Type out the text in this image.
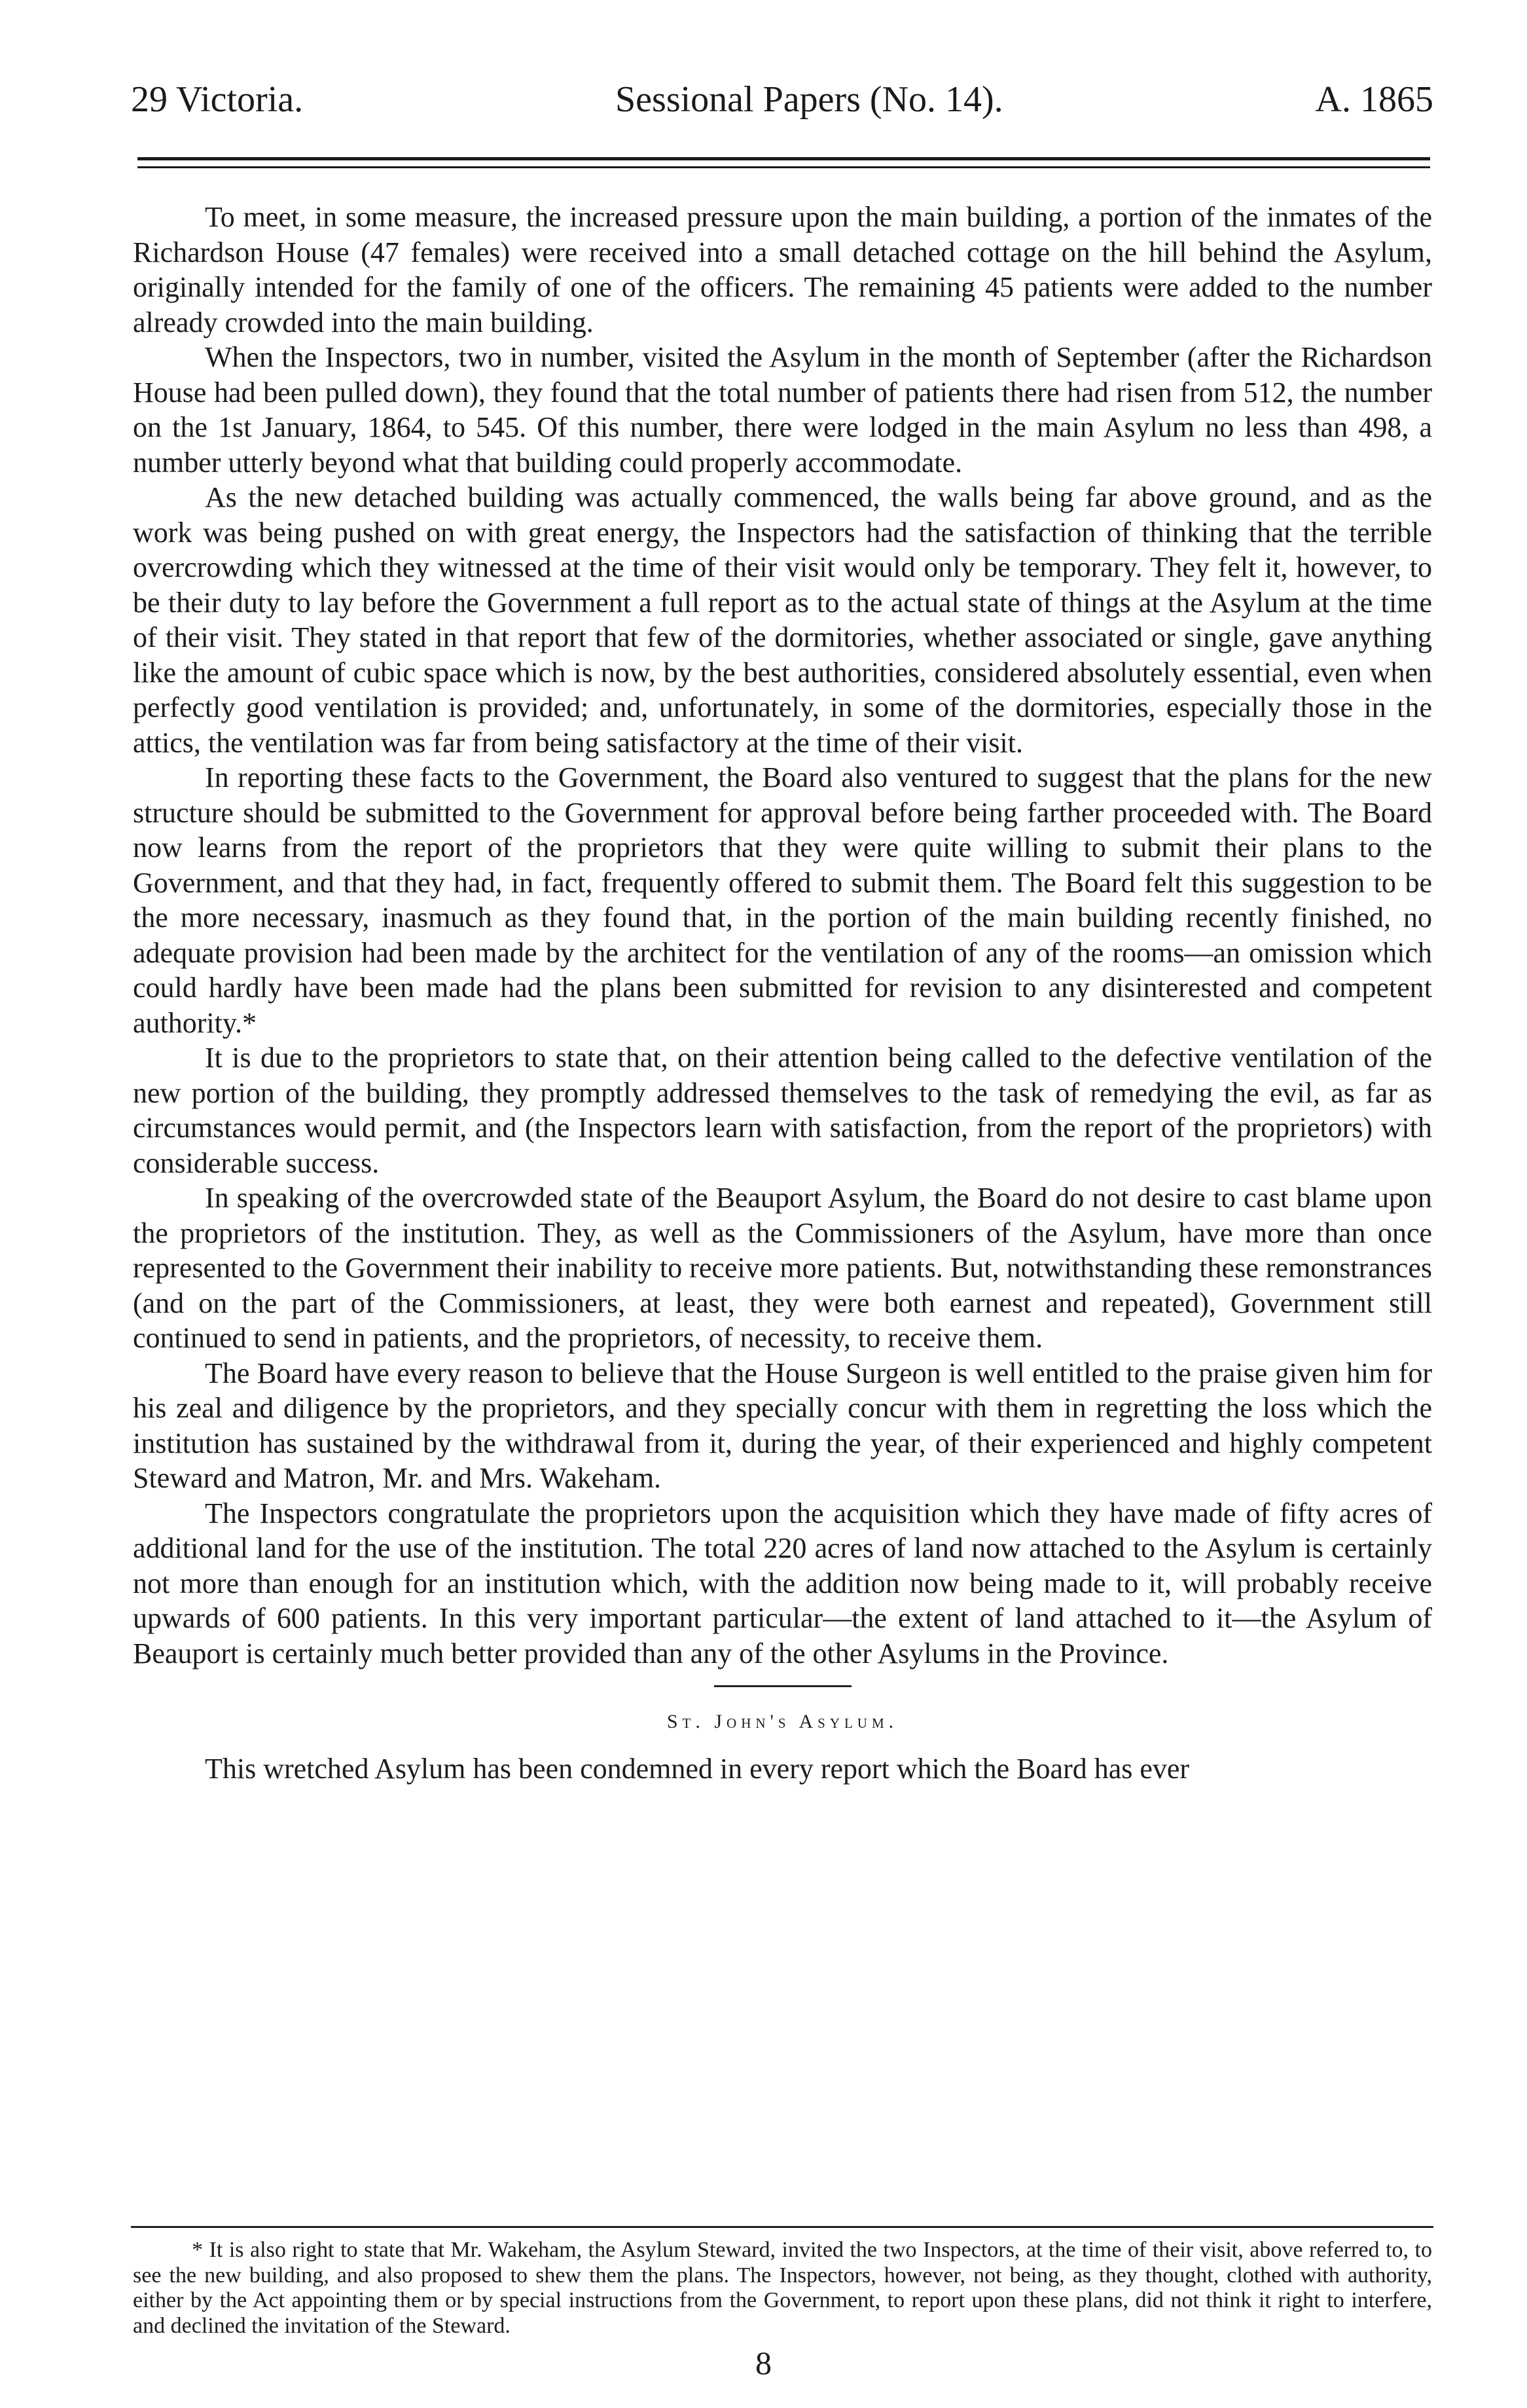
29 Victoria.	Sessional Papers (No. 14).	A. 1865

To meet, in some measure, the increased pressure upon the main building, a portion of the inmates of the Richardson House (47 females) were received into a small detached cottage on the hill behind the Asylum, originally intended for the family of one of the officers. The remaining 45 patients were added to the number already crowded into the main building.

When the Inspectors, two in number, visited the Asylum in the month of September (after the Richardson House had been pulled down), they found that the total number of patients there had risen from 512, the number on the 1st January, 1864, to 545. Of this number, there were lodged in the main Asylum no less than 498, a number utterly beyond what that building could properly accommodate.

As the new detached building was actually commenced, the walls being far above ground, and as the work was being pushed on with great energy, the Inspectors had the satisfaction of thinking that the terrible overcrowding which they witnessed at the time of their visit would only be temporary. They felt it, however, to be their duty to lay before the Government a full report as to the actual state of things at the Asylum at the time of their visit. They stated in that report that few of the dormitories, whether associated or single, gave anything like the amount of cubic space which is now, by the best authorities, considered absolutely essential, even when perfectly good ventilation is provided; and, unfortunately, in some of the dormitories, especially those in the attics, the ventilation was far from being satisfactory at the time of their visit.

In reporting these facts to the Government, the Board also ventured to suggest that the plans for the new structure should be submitted to the Government for approval before being farther proceeded with. The Board now learns from the report of the proprietors that they were quite willing to submit their plans to the Government, and that they had, in fact, frequently offered to submit them. The Board felt this suggestion to be the more necessary, inasmuch as they found that, in the portion of the main building recently finished, no adequate provision had been made by the architect for the ventilation of any of the rooms—an omission which could hardly have been made had the plans been submitted for revision to any disinterested and competent authority.*

It is due to the proprietors to state that, on their attention being called to the defective ventilation of the new portion of the building, they promptly addressed themselves to the task of remedying the evil, as far as circumstances would permit, and (the Inspectors learn with satisfaction, from the report of the proprietors) with considerable success.

In speaking of the overcrowded state of the Beauport Asylum, the Board do not desire to cast blame upon the proprietors of the institution. They, as well as the Commissioners of the Asylum, have more than once represented to the Government their inability to receive more patients. But, notwithstanding these remonstrances (and on the part of the Commissioners, at least, they were both earnest and repeated), Government still continued to send in patients, and the proprietors, of necessity, to receive them.

The Board have every reason to believe that the House Surgeon is well entitled to the praise given him for his zeal and diligence by the proprietors, and they specially concur with them in regretting the loss which the institution has sustained by the withdrawal from it, during the year, of their experienced and highly competent Steward and Matron, Mr. and Mrs. Wakeham.

The Inspectors congratulate the proprietors upon the acquisition which they have made of fifty acres of additional land for the use of the institution. The total 220 acres of land now attached to the Asylum is certainly not more than enough for an institution which, with the addition now being made to it, will probably receive upwards of 600 patients. In this very important particular—the extent of land attached to it—the Asylum of Beauport is certainly much better provided than any of the other Asylums in the Province.

St. John's Asylum.

This wretched Asylum has been condemned in every report which the Board has ever

* It is also right to state that Mr. Wakeham, the Asylum Steward, invited the two Inspectors, at the time of their visit, above referred to, to see the new building, and also proposed to shew them the plans. The Inspectors, however, not being, as they thought, clothed with authority, either by the Act appointing them or by special instructions from the Government, to report upon these plans, did not think it right to interfere, and declined the invitation of the Steward.

8
